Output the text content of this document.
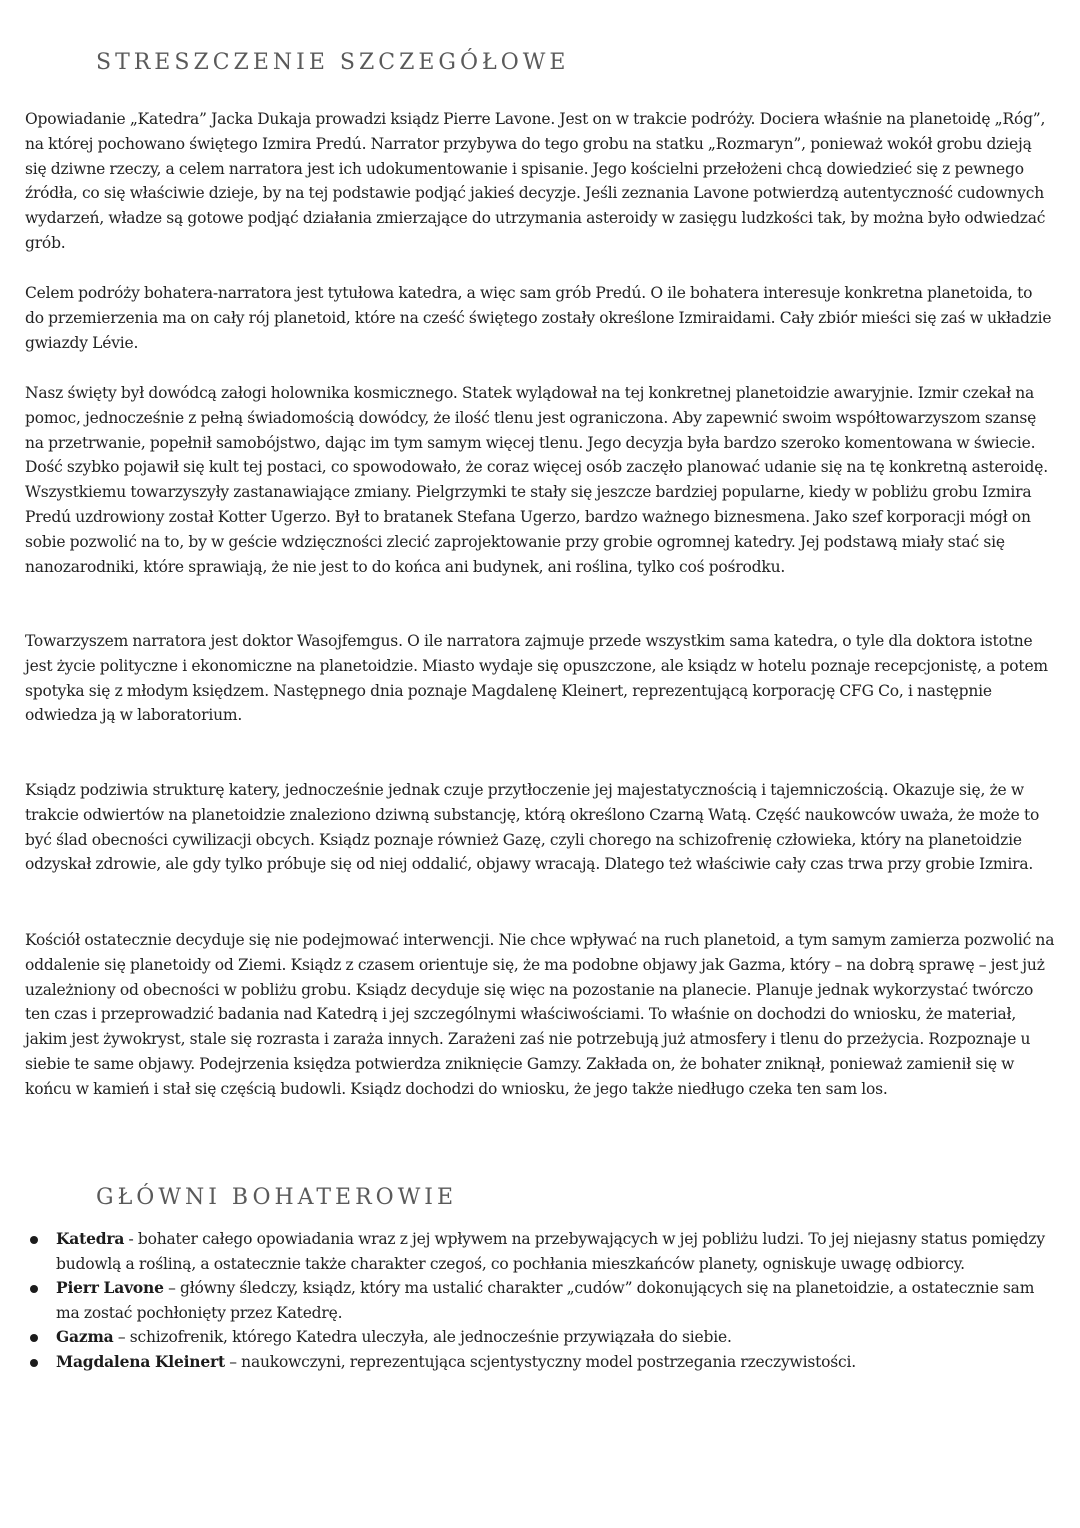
STRESZCZENIE SZCZEGÓŁOWE

Opowiadanie „Katedra” Jacka Dukaja prowadzi ksiądz Pierre Lavone. Jest on w trakcie podróży. Dociera właśnie na planetoidę „Róg”, na której pochowano świętego Izmira Predú. Narrator przybywa do tego grobu na statku „Rozmaryn”, ponieważ wokół grobu dzieją się dziwne rzeczy, a celem narratora jest ich udokumentowanie i spisanie. Jego kościelni przełożeni chcą dowiedzieć się z pewnego źródła, co się właściwie dzieje, by na tej podstawie podjąć jakieś decyzje. Jeśli zeznania Lavone potwierdzą autentyczność cudownych wydarzeń, władze są gotowe podjąć działania zmierzające do utrzymania asteroidy w zasięgu ludzkości tak, by można było odwiedzać grób.

Celem podróży bohatera-narratora jest tytułowa katedra, a więc sam grób Predú. O ile bohatera interesuje konkretna planetoida, to do przemierzenia ma on cały rój planetoid, które na cześć świętego zostały określone Izmiraidami. Cały zbiór mieści się zaś w układzie gwiazdy Lévie.

Nasz święty był dowódcą załogi holownika kosmicznego. Statek wylądował na tej konkretnej planetoidzie awaryjnie. Izmir czekał na pomoc, jednocześnie z pełną świadomością dowódcy, że ilość tlenu jest ograniczona. Aby zapewnić swoim współtowarzyszom szansę na przetrwanie, popełnił samobójstwo, dając im tym samym więcej tlenu. Jego decyzja była bardzo szeroko komentowana w świecie. Dość szybko pojawił się kult tej postaci, co spowodowało, że coraz więcej osób zaczęło planować udanie się na tę konkretną asteroidę. Wszystkiemu towarzyszyły zastanawiające zmiany. Pielgrzymki te stały się jeszcze bardziej popularne, kiedy w pobliżu grobu Izmira Predú uzdrowiony został Kotter Ugerzo. Był to bratanek Stefana Ugerzo, bardzo ważnego biznesmena. Jako szef korporacji mógł on sobie pozwolić na to, by w geście wdzięczności zlecić zaprojektowanie przy grobie ogromnej katedry. Jej podstawą miały stać się nanozarodniki, które sprawiają, że nie jest to do końca ani budynek, ani roślina, tylko coś pośrodku.

Towarzyszem narratora jest doktor Wasojfemgus. O ile narratora zajmuje przede wszystkim sama katedra, o tyle dla doktora istotne jest życie polityczne i ekonomiczne na planetoidzie. Miasto wydaje się opuszczone, ale ksiądz w hotelu poznaje recepcjonistę, a potem spotyka się z młodym księdzem. Następnego dnia poznaje Magdalenę Kleinert, reprezentującą korporację CFG Co, i następnie odwiedza ją w laboratorium.

Ksiądz podziwia strukturę katery, jednocześnie jednak czuje przytłoczenie jej majestatycznością i tajemniczością. Okazuje się, że w trakcie odwiertów na planetoidzie znaleziono dziwną substancję, którą określono Czarną Watą. Część naukowców uważa, że może to być ślad obecności cywilizacji obcych. Ksiądz poznaje również Gazę, czyli chorego na schizofrenię człowieka, który na planetoidzie odzyskał zdrowie, ale gdy tylko próbuje się od niej oddalić, objawy wracają. Dlatego też właściwie cały czas trwa przy grobie Izmira.

Kościół ostatecznie decyduje się nie podejmować interwencji. Nie chce wpływać na ruch planetoid, a tym samym zamierza pozwolić na oddalenie się planetoidy od Ziemi. Ksiądz z czasem orientuje się, że ma podobne objawy jak Gazma, który – na dobrą sprawę – jest już uzależniony od obecności w pobliżu grobu. Ksiądz decyduje się więc na pozostanie na planecie. Planuje jednak wykorzystać twórczo ten czas i przeprowadzić badania nad Katedrą i jej szczególnymi właściwościami. To właśnie on dochodzi do wniosku, że materiał, jakim jest żywokryst, stale się rozrasta i zaraża innych. Zarażeni zaś nie potrzebują już atmosfery i tlenu do przeżycia. Rozpoznaje u siebie te same objawy. Podejrzenia księdza potwierdza zniknięcie Gamzy. Zakłada on, że bohater zniknął, ponieważ zamienił się w końcu w kamień i stał się częścią budowli. Ksiądz dochodzi do wniosku, że jego także niedługo czeka ten sam los.

GŁÓWNI BOHATEROWIE
Katedra - bohater całego opowiadania wraz z jej wpływem na przebywających w jej pobliżu ludzi. To jej niejasny status pomiędzy budowlą a rośliną, a ostatecznie także charakter czegoś, co pochłania mieszkańców planety, ogniskuje uwagę odbiorcy.
Pierr Lavone – główny śledczy, ksiądz, który ma ustalić charakter „cudów” dokonujących się na planetoidzie, a ostatecznie sam ma zostać pochłonięty przez Katedrę.
Gazma – schizofrenik, którego Katedra uleczyła, ale jednocześnie przywiązała do siebie.
Magdalena Kleinert – naukowczyni, reprezentująca scjentystyczny model postrzegania rzeczywistości.
